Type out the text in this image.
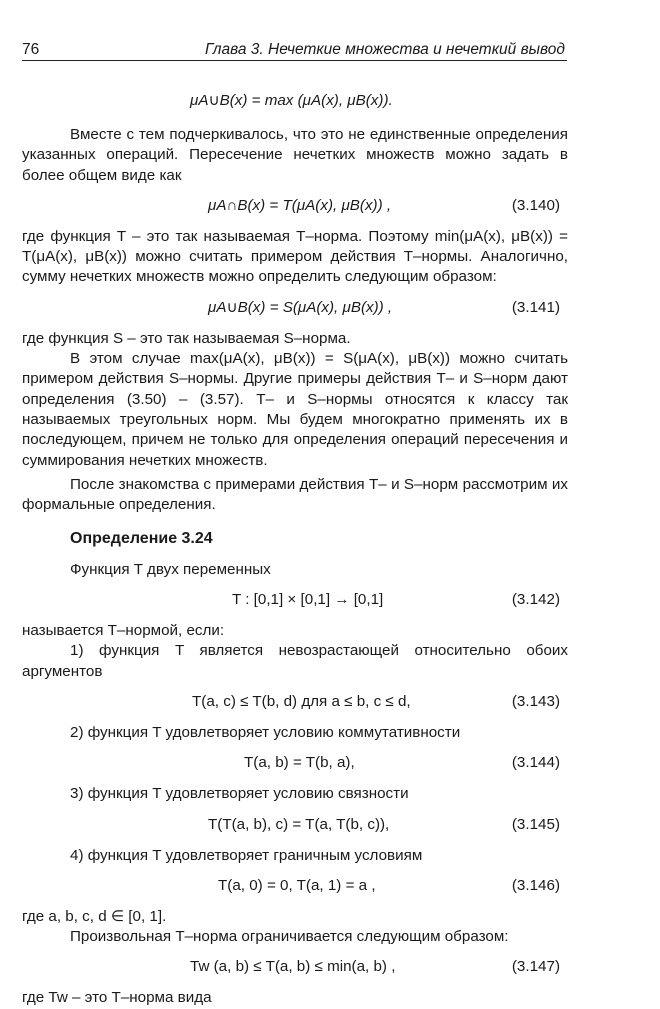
76	Глава 3. Нечеткие множества и нечеткий вывод
μA∪B(x) = max (μA(x), μB(x)).

Вместе с тем подчеркивалось, что это не единственные определения указанных операций. Пересечение нечетких множеств можно задать в более общем виде как

μA∩B(x) = T(μA(x), μB(x)) ,	(3.140)

где функция T – это так называемая T–норма. Поэтому min(μA(x), μB(x)) = T(μA(x), μB(x)) можно считать примером действия T–нормы. Аналогично, сумму нечетких множеств можно определить следующим образом:

μA∪B(x) = S(μA(x), μB(x)) ,	(3.141)

где функция S – это так называемая S–норма.

В этом случае max(μA(x), μB(x)) = S(μA(x), μB(x)) можно считать примером действия S–нормы. Другие примеры действия T– и S–норм дают определения (3.50) – (3.57). T– и S–нормы относятся к классу так называемых треугольных норм. Мы будем многократно применять их в последующем, причем не только для определения операций пересечения и суммирования нечетких множеств.

После знакомства с примерами действия T– и S–норм рассмотрим их формальные определения.

Определение 3.24

Функция T двух переменных

T : [0,1] × [0,1] → [0,1]	(3.142)

называется T–нормой, если:

1) функция T является невозрастающей относительно обоих аргументов

T(a, c) ≤ T(b, d) для a ≤ b, c ≤ d,	(3.143)

2) функция T удовлетворяет условию коммутативности

T(a, b) = T(b, a),	(3.144)

3) функция T удовлетворяет условию связности

T(T(a, b), c) = T(a, T(b, c)),	(3.145)

4) функция T удовлетворяет граничным условиям

T(a, 0) = 0, T(a, 1) = a ,	(3.146)

где a, b, c, d ∈ [0, 1].

Произвольная T–норма ограничивается следующим образом:

Tw (a, b) ≤ T(a, b) ≤ min(a, b) ,	(3.147)

где Tw – это T–норма вида
